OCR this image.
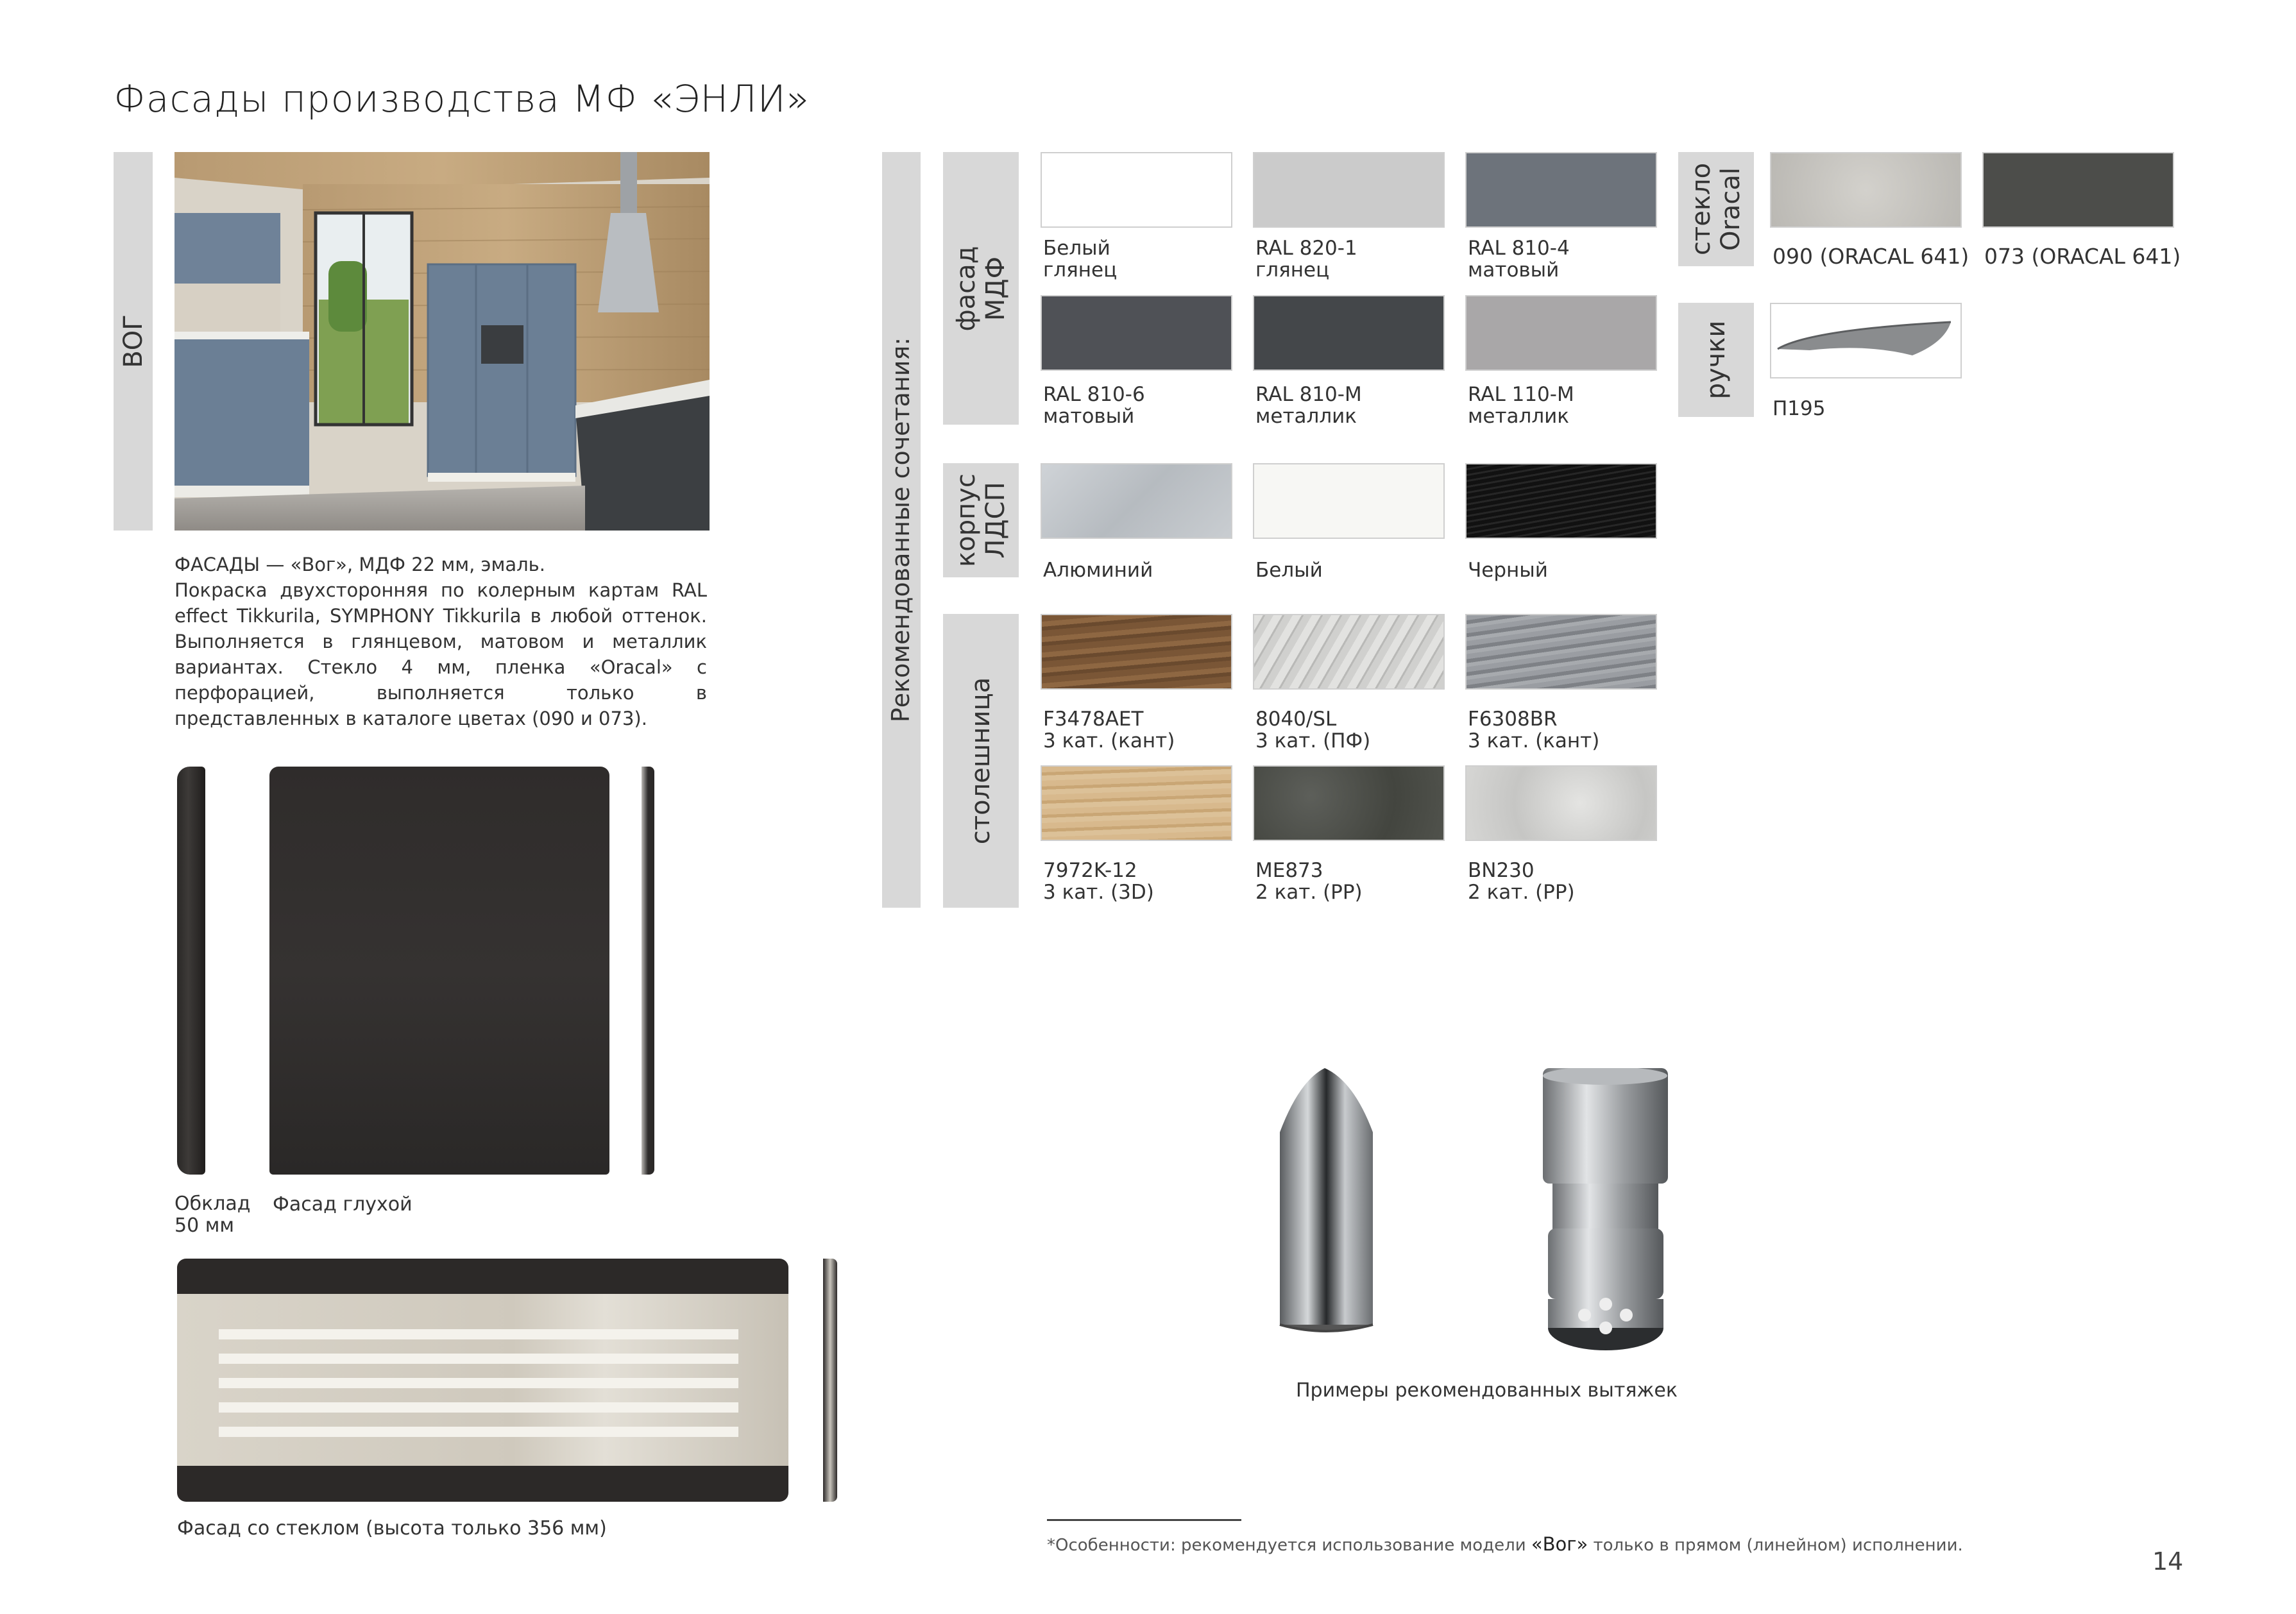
Фасады производства МФ «ЭНЛИ»
ВОГ

ФАСАДЫ — «Вог», МДФ 22 мм, эмаль.

Покраска двухсторонняя по колерным картам RAL effect Tikkurila, SYMPHONY Tikkurila в любой оттенок. Выполняется в глянцевом, матовом и металлик вариантах. Стекло 4 мм, пленка «Oracal» с перфорацией, выполняется только в представленных в каталоге цветах (090 и 073).

Обклад
50 мм
Фасад глухой
Фасад со стеклом (высота только 356 мм)
Рекомендованные сочетания:
фасад МДФ
корпус ЛДСП
столешница
Белый
глянец
RAL 820-1
глянец
RAL 810-4
матовый
RAL 810-6
матовый
RAL 810-M
металлик
RAL 110-M
металлик
Алюминий	Белый	Черный
F3478AET
3 кат. (кант)
8040/SL
3 кат. (ПФ)
F6308BR
3 кат. (кант)
7972K-12
3 кат. (3D)
ME873
2 кат. (PP)
BN230
2 кат. (PP)
стекло Oracal
090 (ORACAL 641) 073 (ORACAL 641)
ручки
П195
Примеры рекомендованных вытяжек
*Особенности: рекомендуется использование модели «Вог» только в прямом (линейном) исполнении.
14
